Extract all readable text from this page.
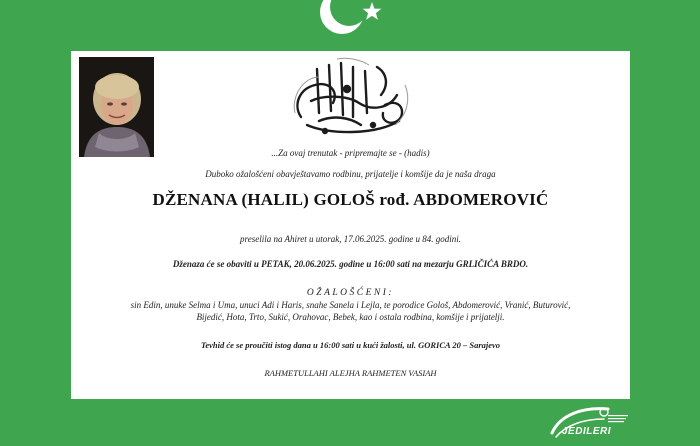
...Za ovaj trenutak - pripremajte se - (hadis)
Duboko ožalošćeni obavještavamo rodbinu, prijatelje i komšije da je naša draga
DŽENANA (HALIL) GOLOŠ rođ. ABDOMEROVIĆ
preselila na Ahiret u utorak, 17.06.2025. godine u 84. godini.
Dženaza će se obaviti u PETAK, 20.06.2025. godine u 16:00 sati na mezarju GRLIČIĆA BRDO.
OŽALOŠĆENI:
sin Edin, unuke Selma i Uma, unuci Adi i Haris, snahe Sanela i Lejla, te porodice Gološ, Abdomerović, Vranić, Buturović,
Bijedić, Hota, Trto, Sukić, Orahovac, Bebek, kao i ostala rodbina, komšije i prijatelji.
Tevhid će se proučiti istog dana u 16:00 sati u kući žalosti, ul. GORICA 20 – Sarajevo
RAHMETULLAHI ALEJHA RAHMETEN VASIAH
JEDILERI
